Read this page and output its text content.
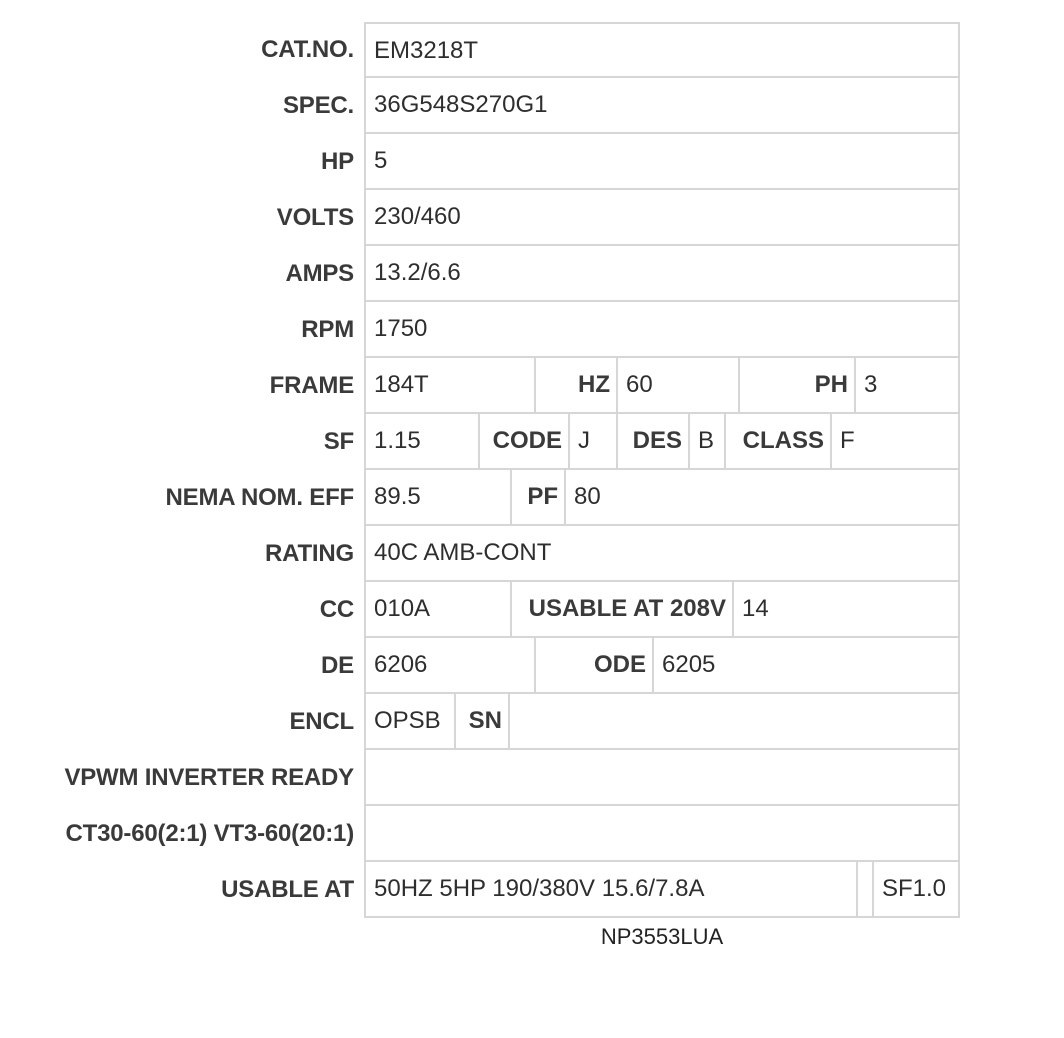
CAT.NO. EM3218T
SPEC. 36G548S270G1
HP 5
VOLTS 230/460
AMPS 13.2/6.6
RPM 1750
FRAME 184T	HZ 60	PH 3
SF 1.15	CODE J	DES B	CLASS F
NEMA NOM. EFF 89.5	PF 80
RATING 40C AMB-CONT
CC 010A	USABLE AT 208V 14
DE 6206	ODE 6205
ENCL OPSB	SN
VPWM INVERTER READY
CT30-60(2:1) VT3-60(20:1)
USABLE AT 50HZ 5HP 190/380V 15.6/7.8A	SF1.0
NP3553LUA
